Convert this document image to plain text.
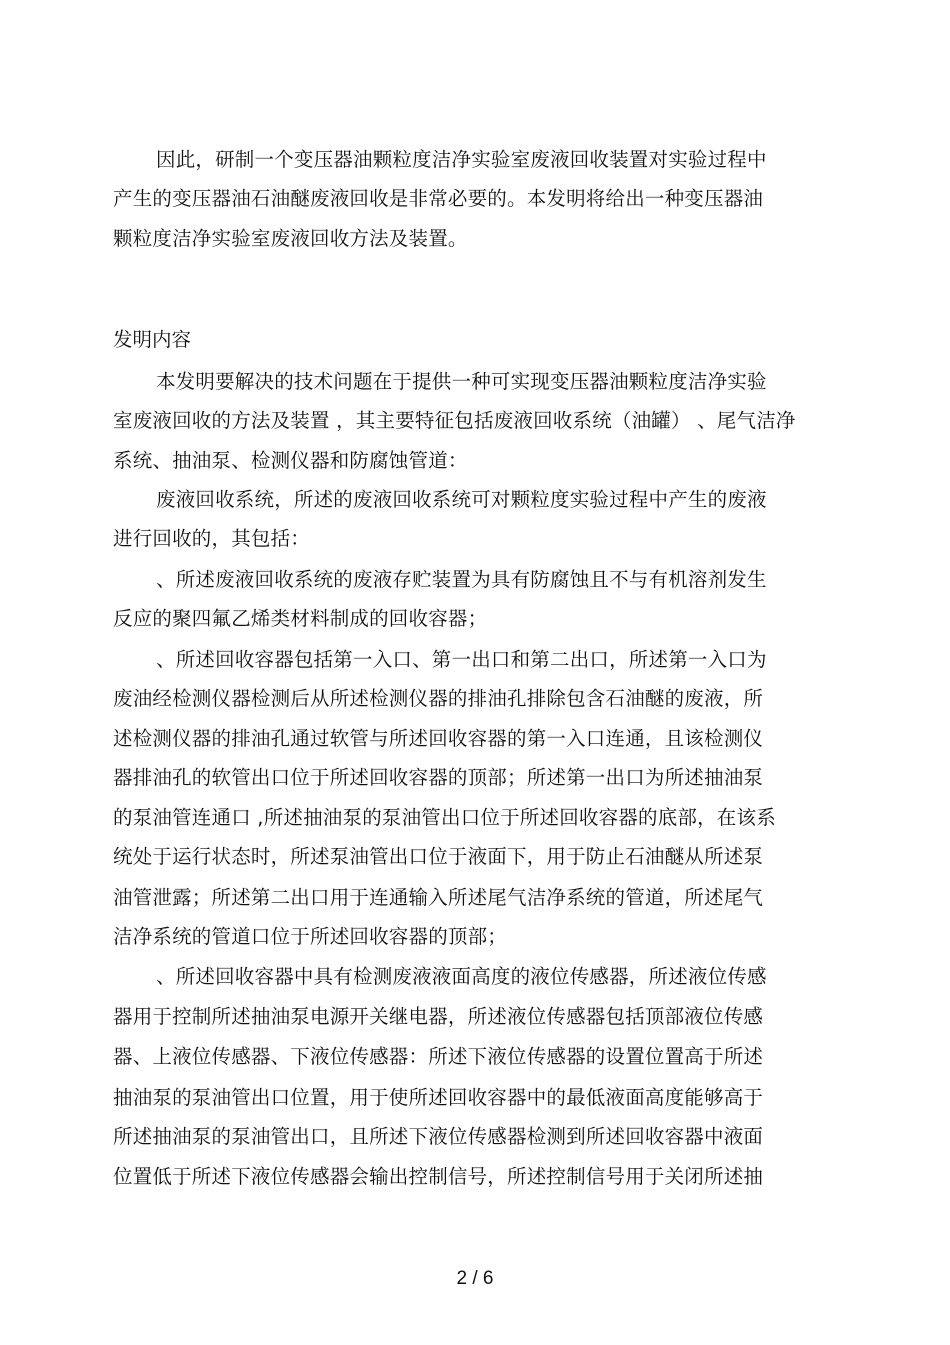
因此，研制一个变压器油颗粒度洁净实验室废液回收装置对实验过程中
产生的变压器油石油醚废液回收是非常必要的。本发明将给出一种变压器油
颗粒度洁净实验室废液回收方法及装置。
发明内容
本发明要解决的技术问题在于提供一种可实现变压器油颗粒度洁净实验
室废液回收的方法及装置 ，其主要特征包括废液回收系统（油罐） 、尾气洁净
系统、抽油泵、检测仪器和防腐蚀管道：
废液回收系统，所述的废液回收系统可对颗粒度实验过程中产生的废液
进行回收的，其包括：
、所述废液回收系统的废液存贮装置为具有防腐蚀且不与有机溶剂发生
反应的聚四氟乙烯类材料制成的回收容器；
、所述回收容器包括第一入口、第一出口和第二出口，所述第一入口为
废油经检测仪器检测后从所述检测仪器的排油孔排除包含石油醚的废液，所
述检测仪器的排油孔通过软管与所述回收容器的第一入口连通，且该检测仪
器排油孔的软管出口位于所述回收容器的顶部；所述第一出口为所述抽油泵
的泵油管连通口 ,所述抽油泵的泵油管出口位于所述回收容器的底部，在该系
统处于运行状态时，所述泵油管出口位于液面下，用于防止石油醚从所述泵
油管泄露；所述第二出口用于连通输入所述尾气洁净系统的管道，所述尾气
洁净系统的管道口位于所述回收容器的顶部；
、所述回收容器中具有检测废液液面高度的液位传感器，所述液位传感
器用于控制所述抽油泵电源开关继电器，所述液位传感器包括顶部液位传感
器、上液位传感器、下液位传感器：所述下液位传感器的设置位置高于所述
抽油泵的泵油管出口位置，用于使所述回收容器中的最低液面高度能够高于
所述抽油泵的泵油管出口，且所述下液位传感器检测到所述回收容器中液面
位置低于所述下液位传感器会输出控制信号，所述控制信号用于关闭所述抽
2 / 6
